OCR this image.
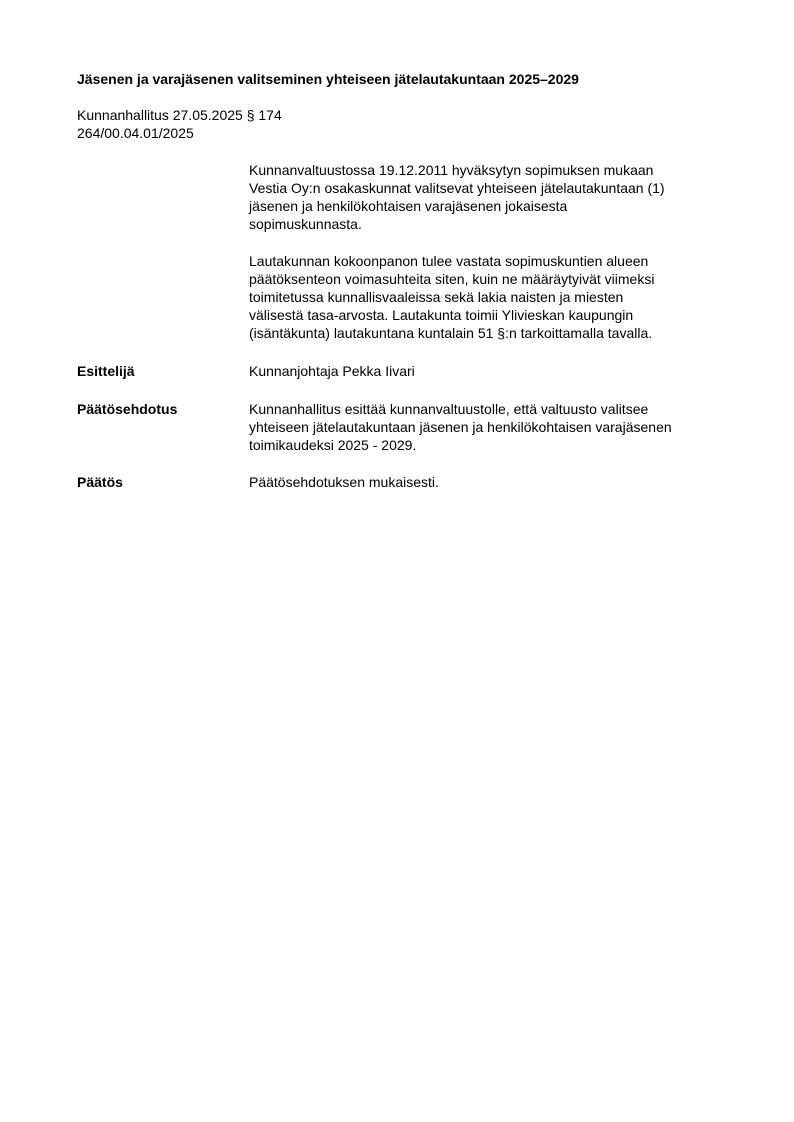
Jäsenen ja varajäsenen valitseminen yhteiseen jätelautakuntaan 2025–2029
Kunnanhallitus 27.05.2025 § 174
264/00.04.01/2025
Kunnanvaltuustossa 19.12.2011 hyväksytyn sopimuksen mukaan
Vestia Oy:n osakaskunnat valitsevat yhteiseen jätelautakuntaan (1)
jäsenen ja henkilökohtaisen varajäsenen jokaisesta
sopimuskunnasta.
Lautakunnan kokoonpanon tulee vastata sopimuskuntien alueen
päätöksenteon voimasuhteita siten, kuin ne määräytyivät viimeksi
toimitetussa kunnallisvaaleissa sekä lakia naisten ja miesten
välisestä tasa-arvosta. Lautakunta toimii Ylivieskan kaupungin
(isäntäkunta) lautakuntana kuntalain 51 §:n tarkoittamalla tavalla.
Esittelijä	Kunnanjohtaja Pekka Iivari
Päätösehdotus	Kunnanhallitus esittää kunnanvaltuustolle, että valtuusto valitsee
yhteiseen jätelautakuntaan jäsenen ja henkilökohtaisen varajäsenen
toimikaudeksi 2025 - 2029.
Päätös	Päätösehdotuksen mukaisesti.
